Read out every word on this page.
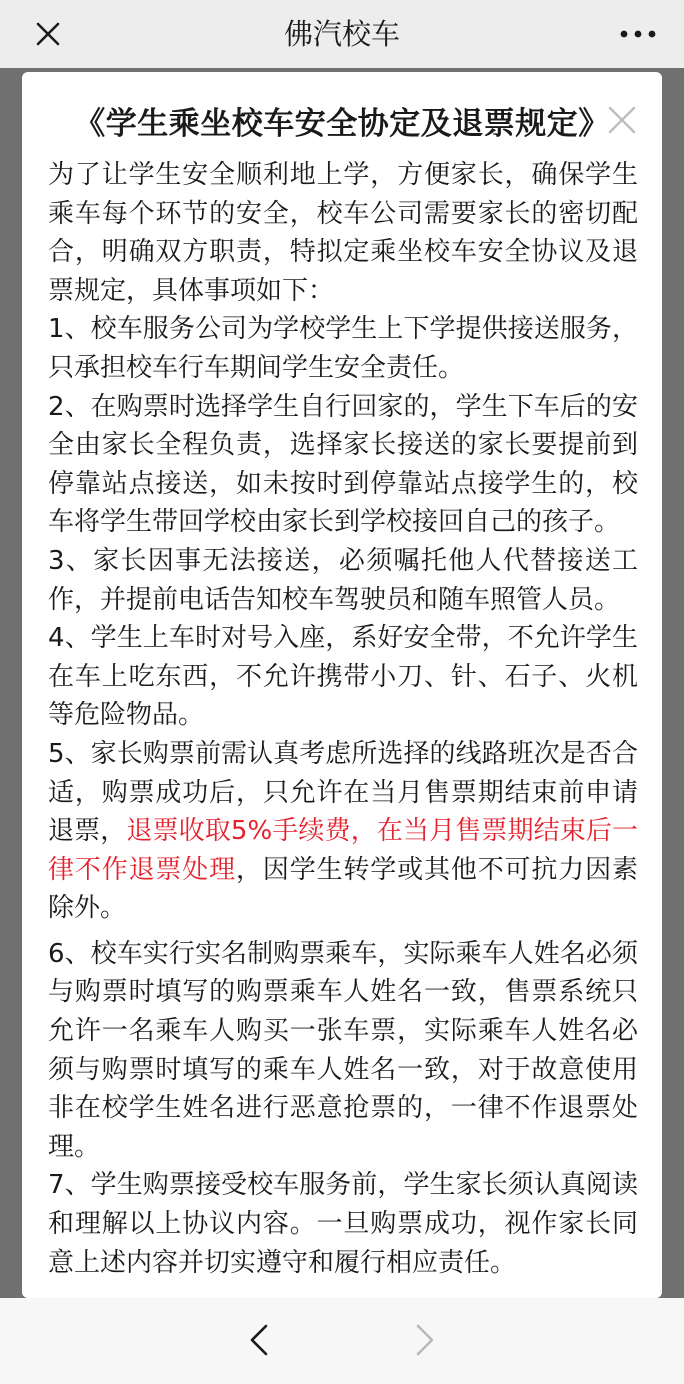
佛汽校车
《学生乘坐校车安全协定及退票规定》

为了让学生安全顺利地上学，方便家长，确保学生乘车每个环节的安全，校车公司需要家长的密切配合，明确双方职责，特拟定乘坐校车安全协议及退票规定，具体事项如下：

1、校车服务公司为学校学生上下学提供接送服务，只承担校车行车期间学生安全责任。

2、在购票时选择学生自行回家的，学生下车后的安全由家长全程负责，选择家长接送的家长要提前到停靠站点接送，如未按时到停靠站点接学生的，校车将学生带回学校由家长到学校接回自己的孩子。

3、家长因事无法接送，必须嘱托他人代替接送工作，并提前电话告知校车驾驶员和随车照管人员。

4、学生上车时对号入座，系好安全带，不允许学生在车上吃东西，不允许携带小刀、针、石子、火机等危险物品。

5、家长购票前需认真考虑所选择的线路班次是否合适，购票成功后，只允许在当月售票期结束前申请退票，退票收取5%手续费，在当月售票期结束后一律不作退票处理，因学生转学或其他不可抗力因素除外。

6、校车实行实名制购票乘车，实际乘车人姓名必须与购票时填写的购票乘车人姓名一致，售票系统只允许一名乘车人购买一张车票，实际乘车人姓名必须与购票时填写的乘车人姓名一致，对于故意使用非在校学生姓名进行恶意抢票的，一律不作退票处理。

7、学生购票接受校车服务前，学生家长须认真阅读和理解以上协议内容。一旦购票成功，视作家长同意上述内容并切实遵守和履行相应责任。
